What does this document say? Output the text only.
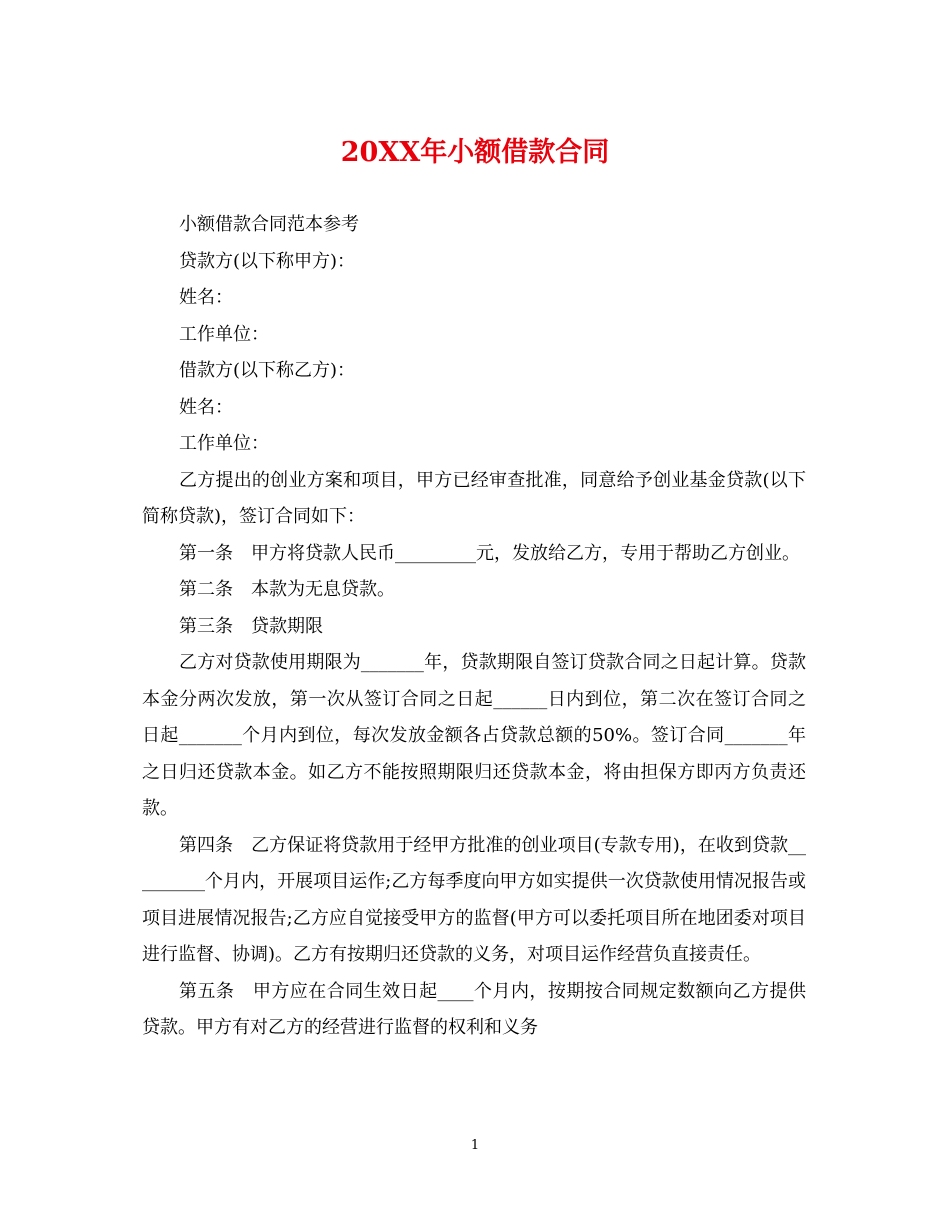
20XX年小额借款合同

小额借款合同范本参考

贷款方(以下称甲方)：

姓名：

工作单位：

借款方(以下称乙方)：

姓名：

工作单位：

乙方提出的创业方案和项目，甲方已经审查批准，同意给予创业基金贷款(以下简称贷款)，签订合同如下：

第一条　甲方将贷款人民币_________元，发放给乙方，专用于帮助乙方创业。

第二条　本款为无息贷款。

第三条　贷款期限

乙方对贷款使用期限为_______年，贷款期限自签订贷款合同之日起计算。贷款本金分两次发放，第一次从签订合同之日起______日内到位，第二次在签订合同之日起_______个月内到位，每次发放金额各占贷款总额的50%。签订合同_______年之日归还贷款本金。如乙方不能按照期限归还贷款本金，将由担保方即丙方负责还款。

第四条　乙方保证将贷款用于经甲方批准的创业项目(专款专用)，在收到贷款_________个月内，开展项目运作;乙方每季度向甲方如实提供一次贷款使用情况报告或项目进展情况报告;乙方应自觉接受甲方的监督(甲方可以委托项目所在地团委对项目进行监督、协调)。乙方有按期归还贷款的义务，对项目运作经营负直接责任。

第五条　甲方应在合同生效日起____个月内，按期按合同规定数额向乙方提供贷款。甲方有对乙方的经营进行监督的权利和义务

1
